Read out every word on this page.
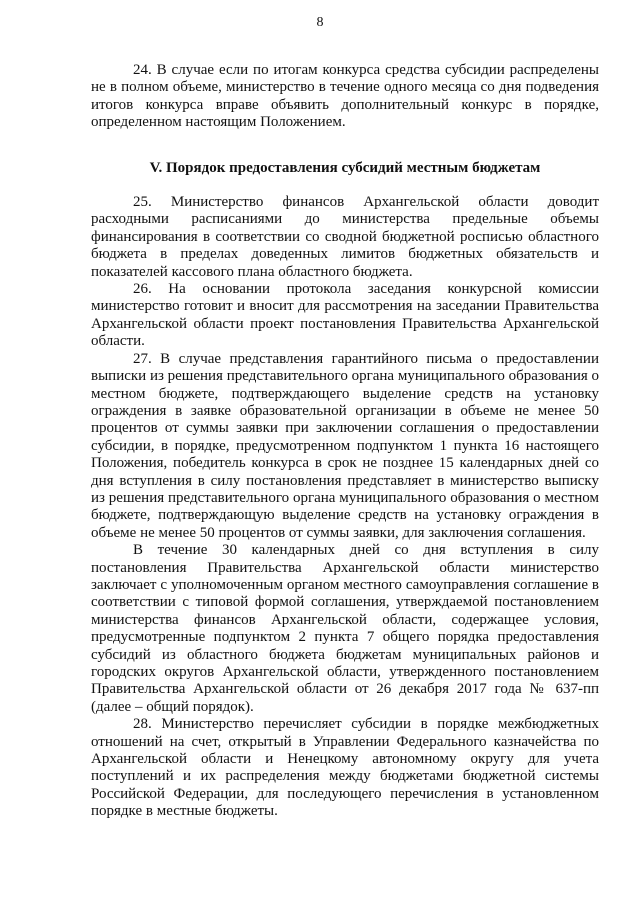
8

24. В случае если по итогам конкурса средства субсидии распределены не в полном объеме, министерство в течение одного месяца со дня подведения итогов конкурса вправе объявить дополнительный конкурс в порядке, определенном настоящим Положением.

V. Порядок предоставления субсидий местным бюджетам

25. Министерство финансов Архангельской области доводит расходными расписаниями до министерства предельные объемы финансирования в соответствии со сводной бюджетной росписью областного бюджета в пределах доведенных лимитов бюджетных обязательств и показателей кассового плана областного бюджета.

26. На основании протокола заседания конкурсной комиссии министерство готовит и вносит для рассмотрения на заседании Правительства Архангельской области проект постановления Правительства Архангельской области.

27. В случае представления гарантийного письма о предоставлении выписки из решения представительного органа муниципального образования о местном бюджете, подтверждающего выделение средств на установку ограждения в заявке образовательной организации в объеме не менее 50 процентов от суммы заявки при заключении соглашения о предоставлении субсидии, в порядке, предусмотренном подпунктом 1 пункта 16 настоящего Положения, победитель конкурса в срок не позднее 15 календарных дней со дня вступления в силу постановления представляет в министерство выписку из решения представительного органа муниципального образования о местном бюджете, подтверждающую выделение средств на установку ограждения в объеме не менее 50 процентов от суммы заявки, для заключения соглашения.

В течение 30 календарных дней со дня вступления в силу постановления Правительства Архангельской области министерство заключает с уполномоченным органом местного самоуправления соглашение в соответствии с типовой формой соглашения, утверждаемой постановлением министерства финансов Архангельской области, содержащее условия, предусмотренные подпунктом 2 пункта 7 общего порядка предоставления субсидий из областного бюджета бюджетам муниципальных районов и городских округов Архангельской области, утвержденного постановлением Правительства Архангельской области от 26 декабря 2017 года № 637-пп (далее – общий порядок).

28. Министерство перечисляет субсидии в порядке межбюджетных отношений на счет, открытый в Управлении Федерального казначейства по Архангельской области и Ненецкому автономному округу для учета поступлений и их распределения между бюджетами бюджетной системы Российской Федерации, для последующего перечисления в установленном порядке в местные бюджеты.
